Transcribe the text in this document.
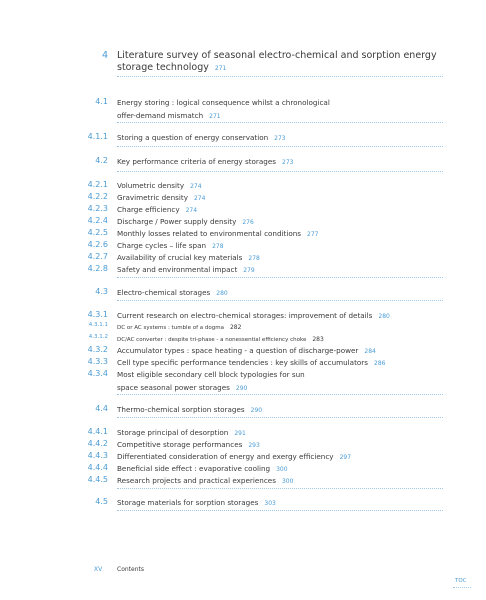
4 Literature survey of seasonal electro-chemical and sorption energy storage technology 271
4.1 Energy storing : logical consequence whilst a chronological offer-demand mismatch 271
4.1.1 Storing a question of energy conservation 273
4.2 Key performance criteria of energy storages 273
4.2.1 Volumetric density 274
4.2.2 Gravimetric density 274
4.2.3 Charge efficiency 274
4.2.4 Discharge / Power supply density 276
4.2.5 Monthly losses related to environmental conditions 277
4.2.6 Charge cycles – life span 278
4.2.7 Availability of crucial key materials 278
4.2.8 Safety and environmental impact 279
4.3 Electro-chemical storages 280
4.3.1 Current research on electro-chemical storages: improvement of details 280
4.3.1.1 DC or AC systems : tumble of a dogma 282
4.3.1.2 DC/AC converter : despite tri-phase - a nonessential efficiency choke 283
4.3.2 Accumulator types : space heating - a question of discharge-power 284
4.3.3 Cell type specific performance tendencies : key skills of accumulators 286
4.3.4 Most eligible secondary cell block typologies for sun space seasonal power storages 290
4.4 Thermo-chemical sorption storages 290
4.4.1 Storage principal of desorption 291
4.4.2 Competitive storage performances 293
4.4.3 Differentiated consideration of energy and exergy efficiency 297
4.4.4 Beneficial side effect : evaporative cooling 300
4.4.5 Research projects and practical experiences 300
4.5 Storage materials for sorption storages 303
XV Contents
TOC
